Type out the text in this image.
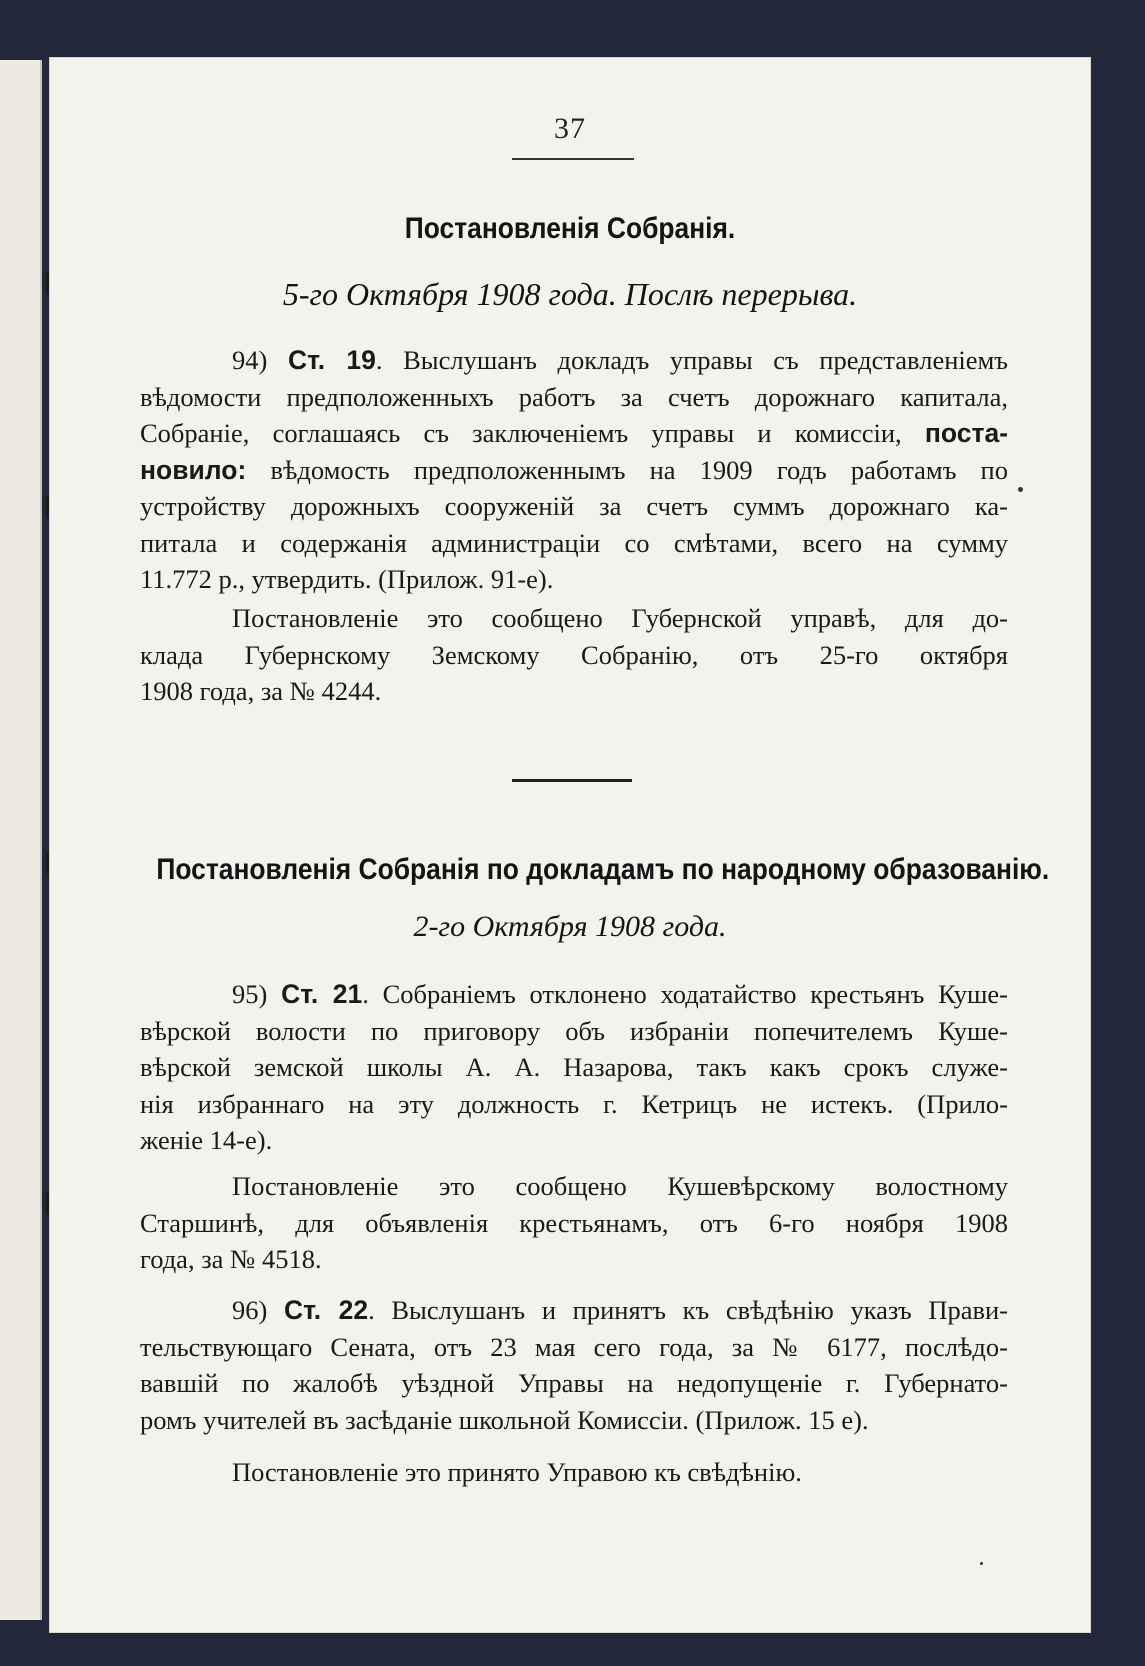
37
Постановленія Собранія.
5-го Октября 1908 года. Послѣ перерыва.
94) Ст. 19. Выслушанъ докладъ управы съ представленіемъ
вѣдомости предположенныхъ работъ за счетъ дорожнаго капитала,
Собраніе, соглашаясь съ заключеніемъ управы и комиссіи, поста-
новило: вѣдомость предположеннымъ на 1909 годъ работамъ по
устройству дорожныхъ сооруженій за счетъ суммъ дорожнаго ка-
питала и содержанія администраціи со смѣтами, всего на сумму
11.772 р., утвердить. (Прилож. 91-е).
Постановленіе это сообщено Губернской управѣ, для до-
клада Губернскому Земскому Собранію, отъ 25-го октября
1908 года, за № 4244.
Постановленія Собранія по докладамъ по народному образованію.
2-го Октября 1908 года.
95) Ст. 21. Собраніемъ отклонено ходатайство крестьянъ Куше-
вѣрской волости по приговору объ избраніи попечителемъ Куше-
вѣрской земской школы А. А. Назарова, такъ какъ срокъ служе-
нія избраннаго на эту должность г. Кетрицъ не истекъ. (Прило-
женіе 14-е).
Постановленіе это сообщено Кушевѣрскому волостному
Старшинѣ, для объявленія крестьянамъ, отъ 6-го ноября 1908
года, за № 4518.
96) Ст. 22. Выслушанъ и принятъ къ свѣдѣнію указъ Прави-
тельствующаго Сената, отъ 23 мая сего года, за № 6177, послѣдо-
вавшій по жалобѣ уѣздной Управы на недопущеніе г. Губернато-
ромъ учителей въ засѣданіе школьной Комиссіи. (Прилож. 15 е).
Постановленіе это принято Управою къ свѣдѣнію.
